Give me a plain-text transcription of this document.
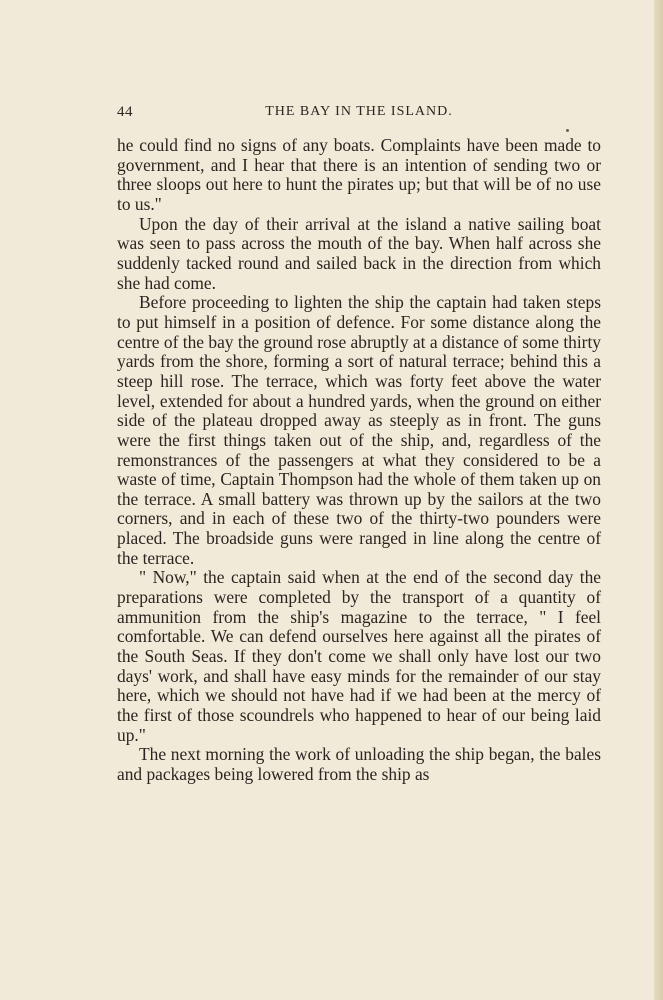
44	THE BAY IN THE ISLAND.

he could find no signs of any boats. Complaints have been made to government, and I hear that there is an intention of sending two or three sloops out here to hunt the pirates up; but that will be of no use to us."

Upon the day of their arrival at the island a native sailing boat was seen to pass across the mouth of the bay. When half across she suddenly tacked round and sailed back in the direction from which she had come.

Before proceeding to lighten the ship the captain had taken steps to put himself in a position of defence. For some distance along the centre of the bay the ground rose abruptly at a distance of some thirty yards from the shore, forming a sort of natural terrace; behind this a steep hill rose. The terrace, which was forty feet above the water level, extended for about a hundred yards, when the ground on either side of the plateau dropped away as steeply as in front. The guns were the first things taken out of the ship, and, regardless of the remonstrances of the passengers at what they considered to be a waste of time, Captain Thompson had the whole of them taken up on the terrace. A small battery was thrown up by the sailors at the two corners, and in each of these two of the thirty-two pounders were placed. The broadside guns were ranged in line along the centre of the terrace.

" Now," the captain said when at the end of the second day the preparations were completed by the transport of a quantity of ammunition from the ship's magazine to the terrace, " I feel comfortable. We can defend ourselves here against all the pirates of the South Seas. If they don't come we shall only have lost our two days' work, and shall have easy minds for the remainder of our stay here, which we should not have had if we had been at the mercy of the first of those scoundrels who happened to hear of our being laid up."

The next morning the work of unloading the ship began, the bales and packages being lowered from the ship as
